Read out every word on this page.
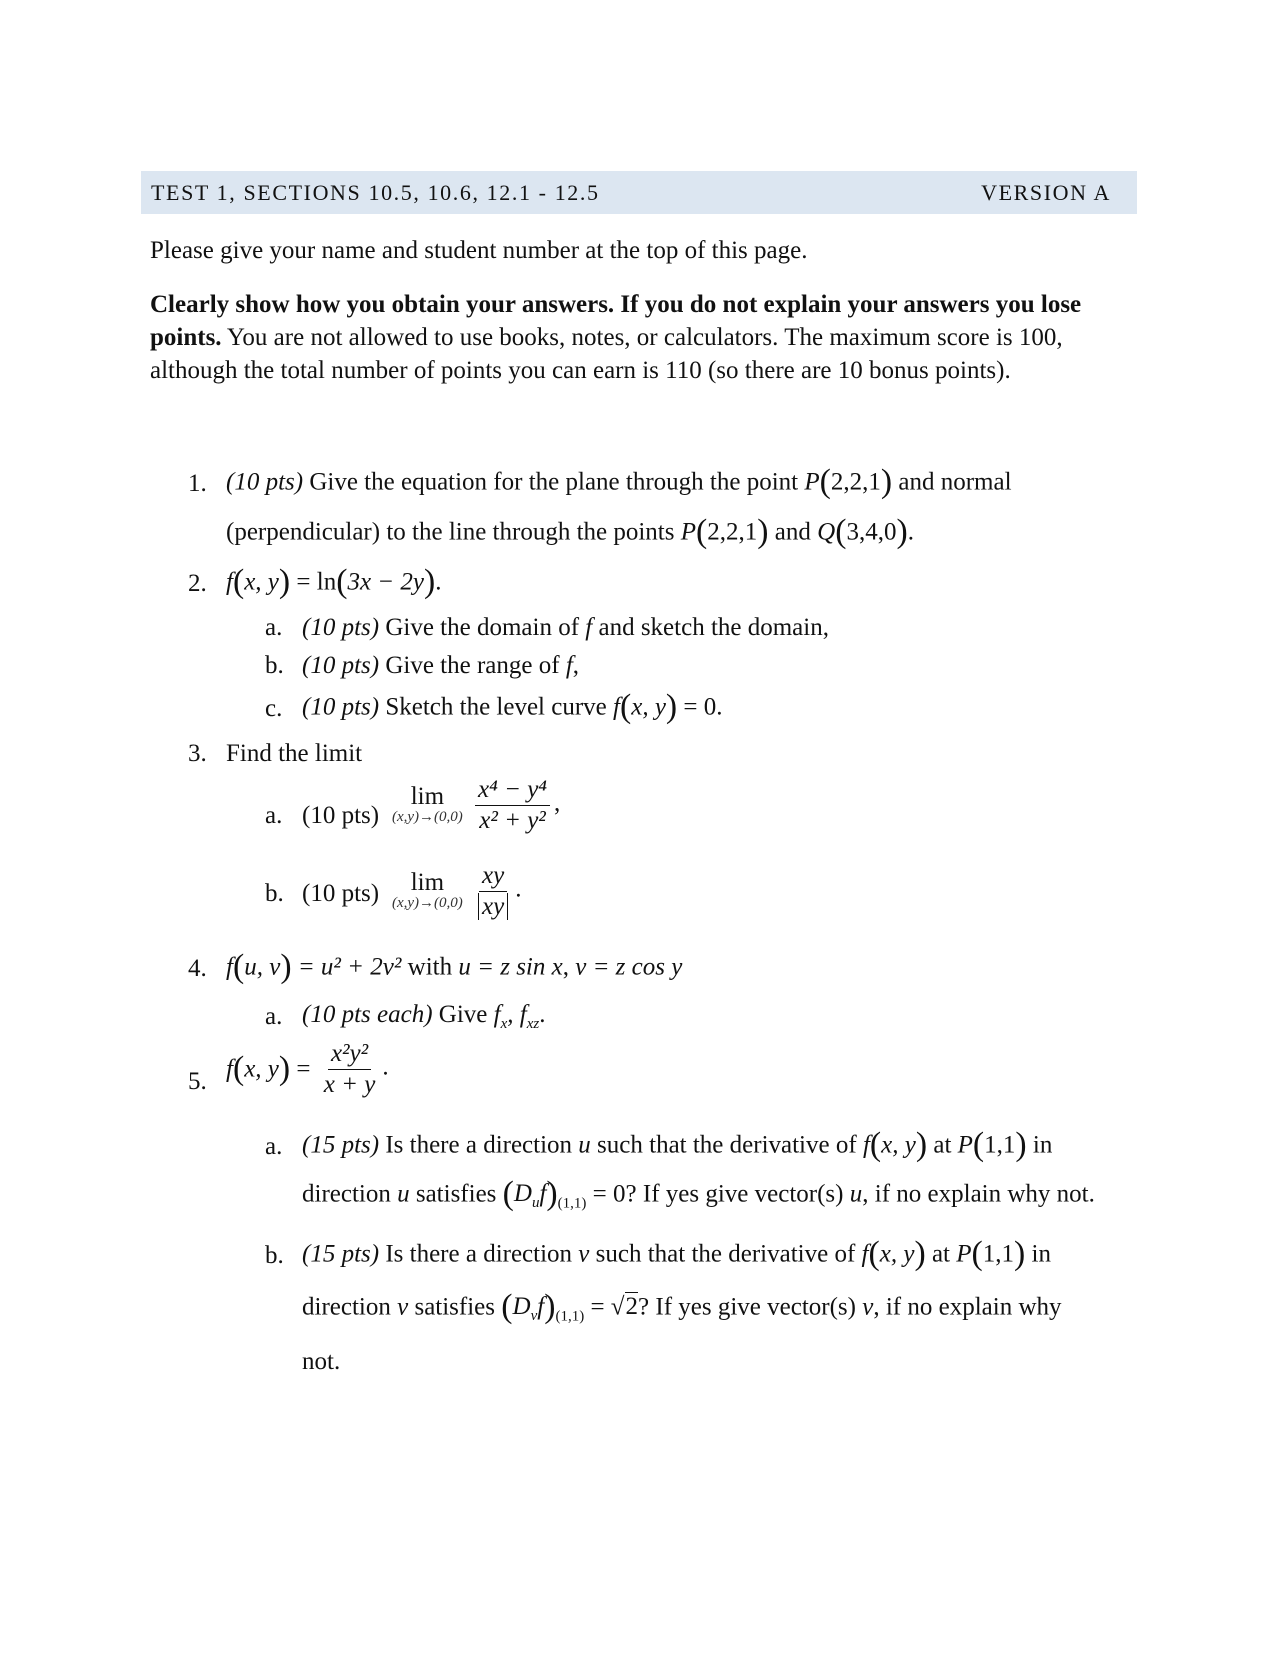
TEST 1, SECTIONS 10.5, 10.6, 12.1 - 12.5	VERSION A
Please give your name and student number at the top of this page.
Clearly show how you obtain your answers. If you do not explain your answers you lose points. You are not allowed to use books, notes, or calculators. The maximum score is 100, although the total number of points you can earn is 110 (so there are 10 bonus points).
1. (10 pts) Give the equation for the plane through the point P(2,2,1) and normal
(perpendicular) to the line through the points P(2,2,1) and Q(3,4,0).
2. f(x, y) = ln(3x − 2y).
a. (10 pts) Give the domain of f and sketch the domain,
b. (10 pts) Give the range of f,
c. (10 pts) Sketch the level curve f(x, y) = 0.
3. Find the limit
a. (10 pts)
lim
(x,y)→(0,0)
$\frac{\text{x⁴ − y⁴}}{\text{x² + y²}}$ ,
b. (10 pts) lim
(x,y)→(0,0)
$\frac{xy}{xy}$ .
4. f(u, v) = u² + 2v² with u = z sin x, v = z cos y
a. (10 pts each) Give $f_x$, $f_{xz}$.
5. f(x, $y) = \frac{\text{x²y²}}{x + y}$ .
a. (15 pts) Is there a direction u such that the derivative of f(x, y) at P(1,1) in
direction u satisfies $(D_uf)_{(1,1)} = 0$? If yes give vector(s) u, if no explain why not.
b. (15 pts) Is there a direction v such that the derivative of f(x, y) at P(1,1) in
direction v satisfies $(D_vf)_{(1,1)} = √2$? If yes give vector(s) v, if no explain why
not.
